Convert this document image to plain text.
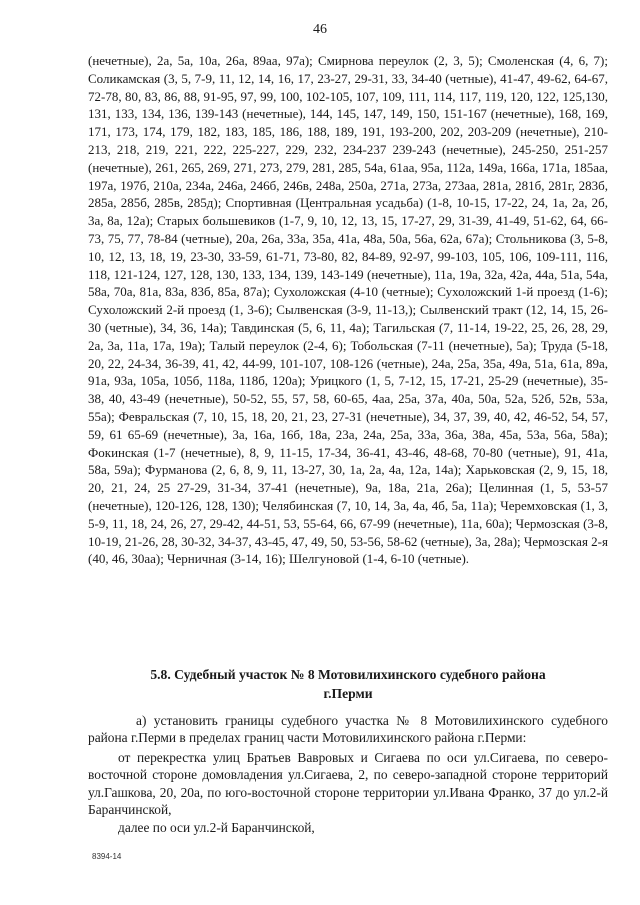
46

(нечетные), 2а, 5а, 10а, 26а, 89аа, 97а); Смирнова переулок (2, 3, 5); Смоленская (4, 6, 7); Соликамская (3, 5, 7-9, 11, 12, 14, 16, 17, 23-27, 29-31, 33, 34-40 (четные), 41-47, 49-62, 64-67, 72-78, 80, 83, 86, 88, 91-95, 97, 99, 100, 102-105, 107, 109, 111, 114, 117, 119, 120, 122, 125,130, 131, 133, 134, 136, 139-143 (нечетные), 144, 145, 147, 149, 150, 151-167 (нечетные), 168, 169, 171, 173, 174, 179, 182, 183, 185, 186, 188, 189, 191, 193-200, 202, 203-209 (нечетные), 210-213, 218, 219, 221, 222, 225-227, 229, 232, 234-237 239-243 (нечетные), 245-250, 251-257 (нечетные), 261, 265, 269, 271, 273, 279, 281, 285, 54а, 61аа, 95а, 112а, 149а, 166а, 171а, 185аа, 197а, 197б, 210а, 234а, 246а, 246б, 246в, 248а, 250а, 271а, 273а, 273аа, 281а, 281б, 281г, 283б, 285а, 285б, 285в, 285д); Спортивная (Центральная усадьба) (1-8, 10-15, 17-22, 24, 1а, 2а, 2б, 3а, 8а, 12а); Старых большевиков (1-7, 9, 10, 12, 13, 15, 17-27, 29, 31-39, 41-49, 51-62, 64, 66-73, 75, 77, 78-84 (четные), 20а, 26а, 33а, 35а, 41а, 48а, 50а, 56а, 62а, 67а); Стольникова (3, 5-8, 10, 12, 13, 18, 19, 23-30, 33-59, 61-71, 73-80, 82, 84-89, 92-97, 99-103, 105, 106, 109-111, 116, 118, 121-124, 127, 128, 130, 133, 134, 139, 143-149 (нечетные), 11а, 19а, 32а, 42а, 44а, 51а, 54а, 58а, 70а, 81а, 83а, 83б, 85а, 87а); Сухоложская (4-10 (четные); Сухоложский 1-й проезд (1-6); Сухоложский 2-й проезд (1, 3-6); Сылвенская (3-9, 11-13,); Сылвенский тракт (12, 14, 15, 26-30 (четные), 34, 36, 14а); Тавдинская (5, 6, 11, 4а); Тагильская (7, 11-14, 19-22, 25, 26, 28, 29, 2а, 3а, 11а, 17а, 19а); Талый переулок (2-4, 6); Тобольская (7-11 (нечетные), 5а); Труда (5-18, 20, 22, 24-34, 36-39, 41, 42, 44-99, 101-107, 108-126 (четные), 24а, 25а, 35а, 49а, 51а, 61а, 89а, 91а, 93а, 105а, 105б, 118а, 118б, 120а); Урицкого (1, 5, 7-12, 15, 17-21, 25-29 (нечетные), 35-38, 40, 43-49 (нечетные), 50-52, 55, 57, 58, 60-65, 4аа, 25а, 37а, 40а, 50а, 52а, 52б, 52в, 53а, 55а); Февральская (7, 10, 15, 18, 20, 21, 23, 27-31 (нечетные), 34, 37, 39, 40, 42, 46-52, 54, 57, 59, 61 65-69 (нечетные), 3а, 16а, 16б, 18а, 23а, 24а, 25а, 33а, 36а, 38а, 45а, 53а, 56а, 58а); Фокинская (1-7 (нечетные), 8, 9, 11-15, 17-34, 36-41, 43-46, 48-68, 70-80 (четные), 91, 41а, 58а, 59а); Фурманова (2, 6, 8, 9, 11, 13-27, 30, 1а, 2а, 4а, 12а, 14а); Харьковская (2, 9, 15, 18, 20, 21, 24, 25 27-29, 31-34, 37-41 (нечетные), 9а, 18а, 21а, 26а); Целинная (1, 5, 53-57 (нечетные), 120-126, 128, 130); Челябинская (7, 10, 14, 3а, 4а, 4б, 5а, 11а); Черемховская (1, 3, 5-9, 11, 18, 24, 26, 27, 29-42, 44-51, 53, 55-64, 66, 67-99 (нечетные), 11а, 60а); Чермозская (3-8, 10-19, 21-26, 28, 30-32, 34-37, 43-45, 47, 49, 50, 53-56, 58-62 (четные), 3а, 28а); Чермозская 2-я (40, 46, 30аа); Черничная (3-14, 16); Шелгуновой (1-4, 6-10 (четные).

5.8. Судебный участок № 8 Мотовилихинского судебного района
г.Перми

а) установить границы судебного участка № 8 Мотовилихинского судебного района г.Перми в пределах границ части Мотовилихинского района г.Перми:

от перекрестка улиц Братьев Вавровых и Сигаева по оси ул.Сигаева, по северо-восточной стороне домовладения ул.Сигаева, 2, по северо-западной стороне территорий ул.Гашкова, 20, 20а, по юго-восточной стороне территории ул.Ивана Франко, 37 до ул.2-й Баранчинской,

далее по оси ул.2-й Баранчинской,

8394-14
